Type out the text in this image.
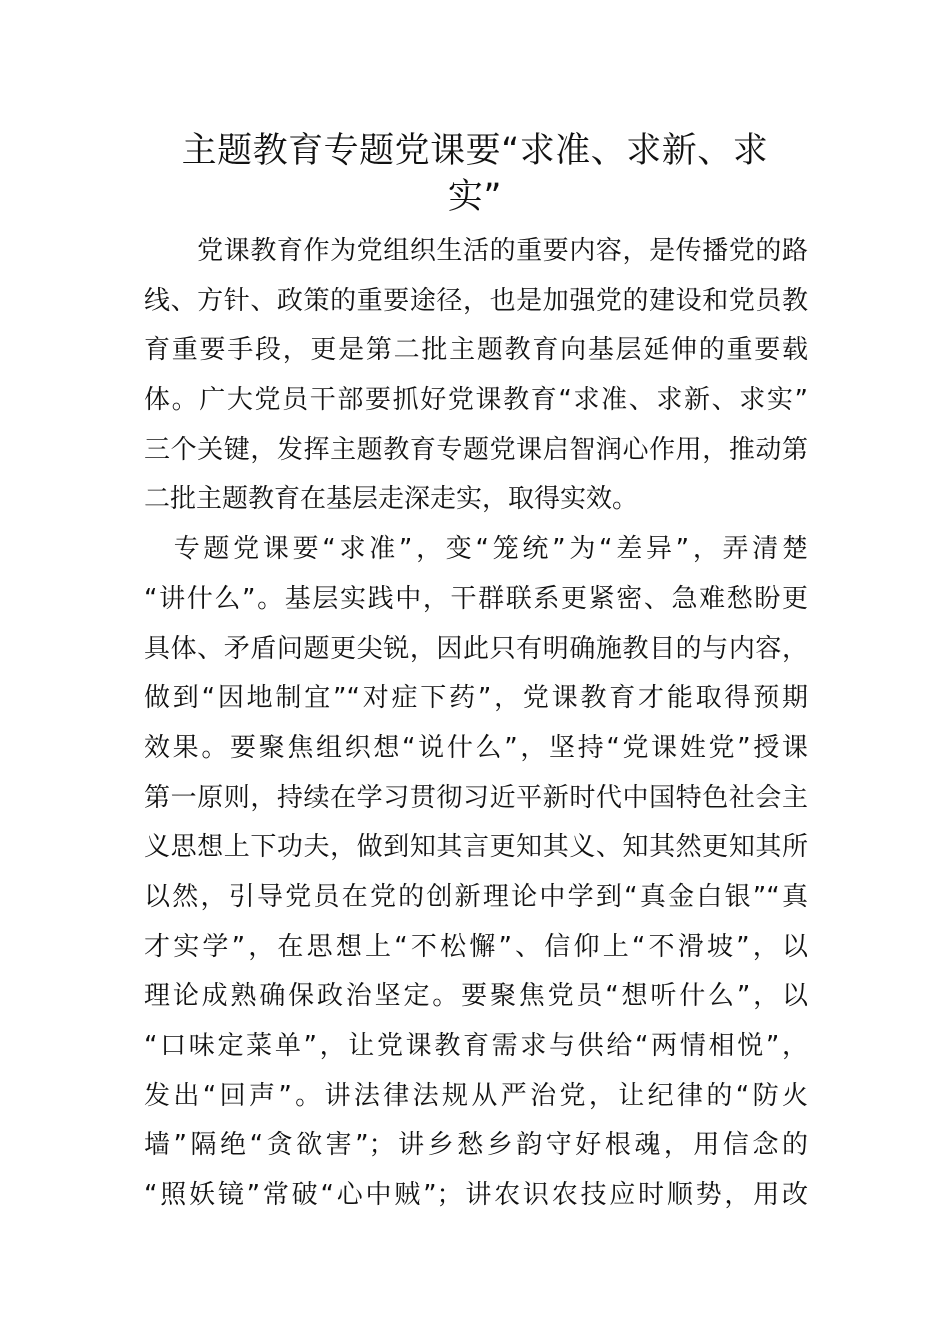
主题教育专题党课要“求准、求新、求
实”
　　党课教育作为党组织生活的重要内容，是传播党的路
线、方针、政策的重要途径，也是加强党的建设和党员教
育重要手段，更是第二批主题教育向基层延伸的重要载
体。广大党员干部要抓好党课教育“求准、求新、求实”
三个关键，发挥主题教育专题党课启智润心作用，推动第
二批主题教育在基层走深走实，取得实效。
　专题党课要“求准”，变“笼统”为“差异”，弄清楚
“讲什么”。基层实践中，干群联系更紧密、急难愁盼更
具体、矛盾问题更尖锐，因此只有明确施教目的与内容，
做到“因地制宜”“对症下药”，党课教育才能取得预期
效果。要聚焦组织想“说什么”，坚持“党课姓党”授课
第一原则，持续在学习贯彻习近平新时代中国特色社会主
义思想上下功夫，做到知其言更知其义、知其然更知其所
以然，引导党员在党的创新理论中学到“真金白银”“真
才实学”，在思想上“不松懈”、信仰上“不滑坡”，以
理论成熟确保政治坚定。要聚焦党员“想听什么”，以
“口味定菜单”，让党课教育需求与供给“两情相悦”，
发出“回声”。讲法律法规从严治党，让纪律的“防火
墙”隔绝“贪欲害”；讲乡愁乡韵守好根魂，用信念的
“照妖镜”常破“心中贼”；讲农识农技应时顺势，用改
